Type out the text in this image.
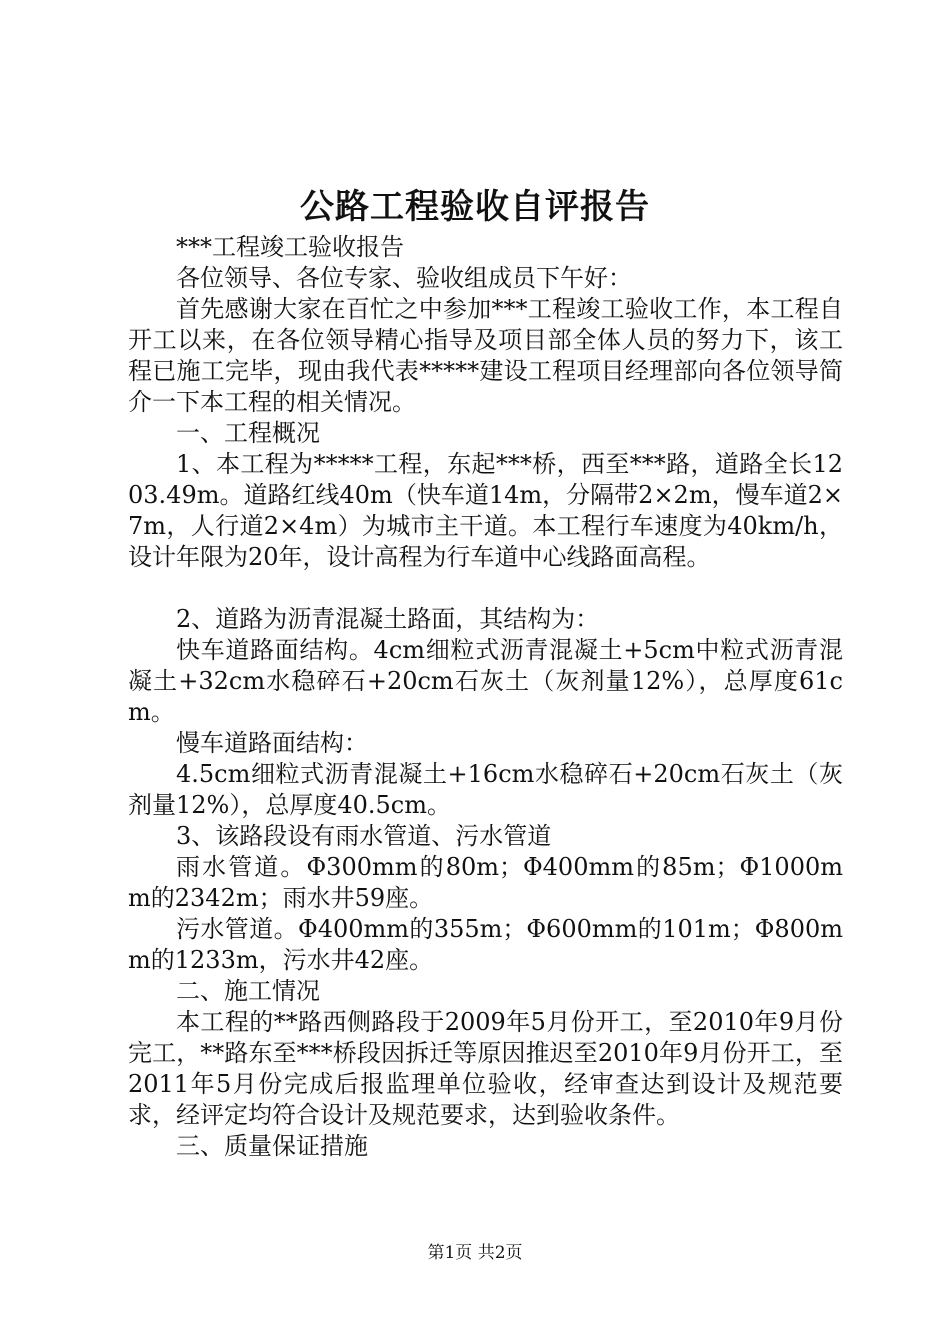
公路工程验收自评报告

***工程竣工验收报告

各位领导、各位专家、验收组成员下午好：

首先感谢大家在百忙之中参加***工程竣工验收工作，本工程自开工以来，在各位领导精心指导及项目部全体人员的努力下，该工程已施工完毕，现由我代表*****建设工程项目经理部向各位领导简介一下本工程的相关情况。

一、工程概况

1、本工程为*****工程，东起***桥，西至***路，道路全长1203.49m。道路红线40m（快车道14m，分隔带2×2m，慢车道2×7m，人行道2×4m）为城市主干道。本工程行车速度为40km/h，设计年限为20年，设计高程为行车道中心线路面高程。

2、道路为沥青混凝土路面，其结构为：

快车道路面结构。4cm细粒式沥青混凝土+5cm中粒式沥青混凝土+32cm水稳碎石+20cm石灰土（灰剂量12%），总厚度61cm。

慢车道路面结构：

4.5cm细粒式沥青混凝土+16cm水稳碎石+20cm石灰土（灰剂量12%），总厚度40.5cm。

3、该路段设有雨水管道、污水管道

雨水管道。Φ300mm的80m；Φ400mm的85m；Φ1000mm的2342m；雨水井59座。

污水管道。Φ400mm的355m；Φ600mm的101m；Φ800mm的1233m，污水井42座。

二、施工情况

本工程的**路西侧路段于2009年5月份开工，至2010年9月份完工，**路东至***桥段因拆迁等原因推迟至2010年9月份开工，至2011年5月份完成后报监理单位验收，经审查达到设计及规范要求，经评定均符合设计及规范要求，达到验收条件。

三、质量保证措施

第1页 共2页
